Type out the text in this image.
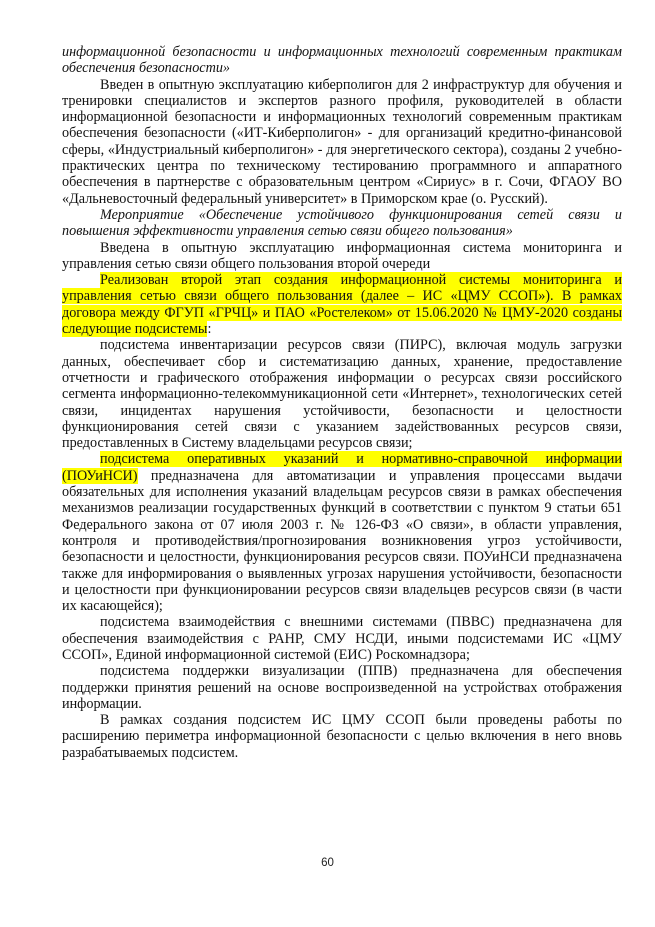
информационной безопасности и информационных технологий современным практикам обеспечения безопасности»

Введен в опытную эксплуатацию киберполигон для 2 инфраструктур для обучения и тренировки специалистов и экспертов разного профиля, руководителей в области информационной безопасности и информационных технологий современным практикам обеспечения безопасности («ИТ-Киберполигон» - для организаций кредитно-финансовой сферы, «Индустриальный киберполигон» - для энергетического сектора), созданы 2 учебно-практических центра по техническому тестированию программного и аппаратного обеспечения в партнерстве с образовательным центром «Сириус» в г. Сочи, ФГАОУ ВО «Дальневосточный федеральный университет» в Приморском крае (о. Русский).

Мероприятие «Обеспечение устойчивого функционирования сетей связи и повышения эффективности управления сетью связи общего пользования»

Введена в опытную эксплуатацию информационная система мониторинга и управления сетью связи общего пользования второй очереди

Реализован второй этап создания информационной системы мониторинга и управления сетью связи общего пользования (далее – ИС «ЦМУ ССОП»). В рамках договора между ФГУП «ГРЧЦ» и ПАО «Ростелеком» от 15.06.2020 № ЦМУ-2020 созданы следующие подсистемы:

подсистема инвентаризации ресурсов связи (ПИРС), включая модуль загрузки данных, обеспечивает сбор и систематизацию данных, хранение, предоставление отчетности и графического отображения информации о ресурсах связи российского сегмента информационно-телекоммуникационной сети «Интернет», технологических сетей связи, инцидентах нарушения устойчивости, безопасности и целостности функционирования сетей связи с указанием задействованных ресурсов связи, предоставленных в Систему владельцами ресурсов связи;

подсистема оперативных указаний и нормативно-справочной информации (ПОУиНСИ) предназначена для автоматизации и управления процессами выдачи обязательных для исполнения указаний владельцам ресурсов связи в рамках обеспечения механизмов реализации государственных функций в соответствии с пунктом 9 статьи 651 Федерального закона от 07 июля 2003 г. № 126-ФЗ «О связи», в области управления, контроля и противодействия/прогнозирования возникновения угроз устойчивости, безопасности и целостности, функционирования ресурсов связи. ПОУиНСИ предназначена также для информирования о выявленных угрозах нарушения устойчивости, безопасности и целостности при функционировании ресурсов связи владельцев ресурсов связи (в части их касающейся);

подсистема взаимодействия с внешними системами (ПВВС) предназначена для обеспечения взаимодействия с РАНР, СМУ НСДИ, иными подсистемами ИС «ЦМУ ССОП», Единой информационной системой (ЕИС) Роскомнадзора;

подсистема поддержки визуализации (ППВ) предназначена для обеспечения поддержки принятия решений на основе воспроизведенной на устройствах отображения информации.

В рамках создания подсистем ИС ЦМУ ССОП были проведены работы по расширению периметра информационной безопасности с целью включения в него вновь разрабатываемых подсистем.

60
